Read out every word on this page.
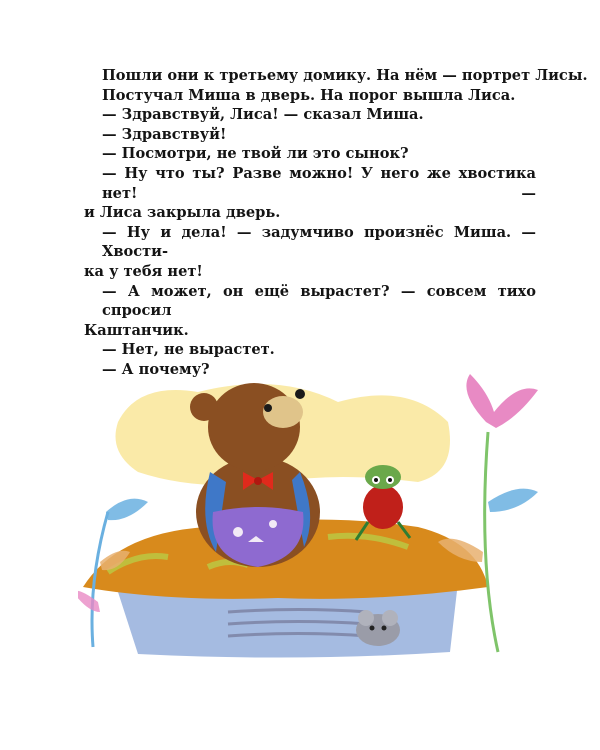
Пошли они к третьему домику. На нём — портрет Лисы.
Постучал Миша в дверь. На порог вышла Лиса.
— Здравствуй, Лиса! — сказал Миша.
— Здравствуй!
— Посмотри, не твой ли это сынок?
— Ну что ты? Разве можно! У него же хвостика нет! —
и Лиса закрыла дверь.
— Ну и дела! — задумчиво произнёс Миша. — Хвости-
ка у тебя нет!
— А может, он ещё вырастет? — совсем тихо спросил
Каштанчик.
— Нет, не вырастет.
— А почему?
